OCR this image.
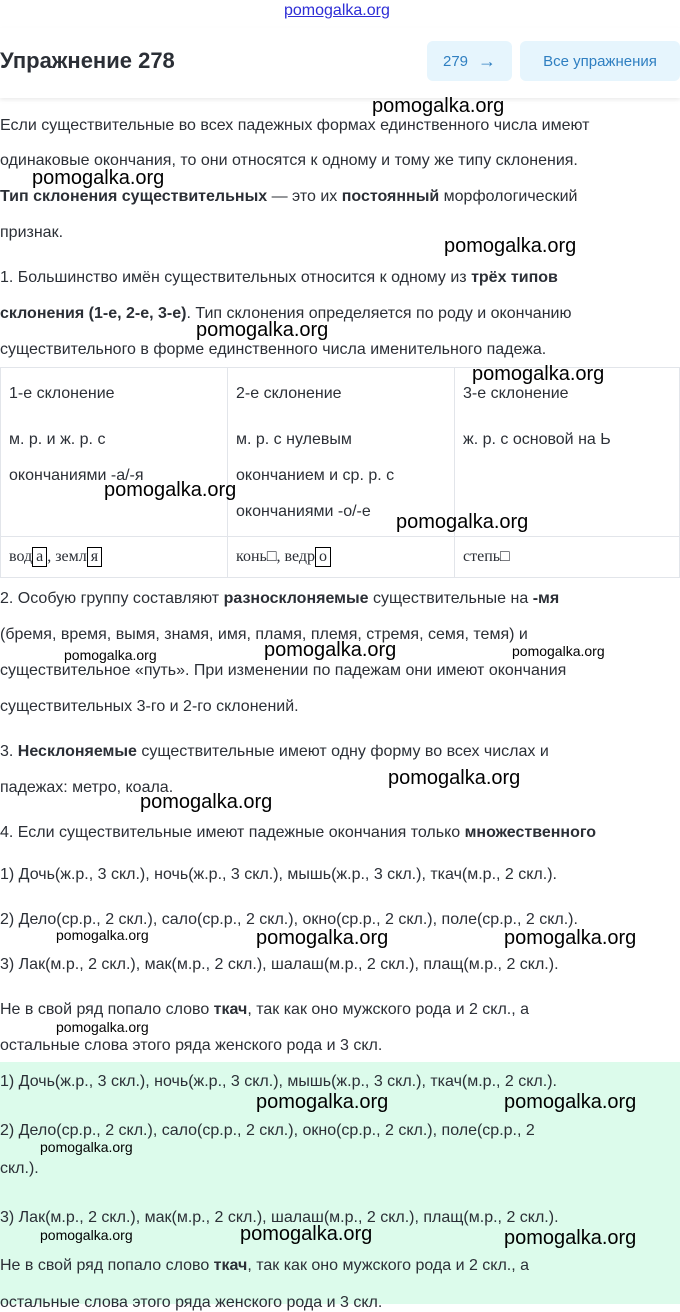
pomogalka.org
Упражнение 278	279 →	Все упражнения
Если существительные во всех падежных формах единственного числа имеют
одинаковые окончания, то они относятся к одному и тому же типу склонения.
Тип склонения существительных — это их постоянный морфологический
признак.
1. Большинство имён существительных относится к одному из трёх типов
склонения (1-е, 2-е, 3-е). Тип склонения определяется по роду и окончанию
существительного в форме единственного числа именительного падежа.
1-е склонение
м. р. и ж. р. с
окончаниями -а/-я	2-е склонение
м. р. с нулевым
окончанием и ср. р. с
окончаниями -о/-е	3-е склонение
ж. р. с основой на Ь

вод а , земл я	конь□, ведр о	степь□
2. Особую группу составляют разносклоняемые существительные на -мя
(бремя, время, вымя, знамя, имя, пламя, племя, стремя, семя, темя) и
существительное «путь». При изменении по падежам они имеют окончания
существительных 3-го и 2-го склонений.
3. Несклоняемые существительные имеют одну форму во всех числах и
падежах: метро, коала.
4. Если существительные имеют падежные окончания только множественного
1) Дочь(ж.р., 3 скл.), ночь(ж.р., 3 скл.), мышь(ж.р., 3 скл.), ткач(м.р., 2 скл.).
2) Дело(ср.р., 2 скл.), сало(ср.р., 2 скл.), окно(ср.р., 2 скл.), поле(ср.р., 2 скл.).
3) Лак(м.р., 2 скл.), мак(м.р., 2 скл.), шалаш(м.р., 2 скл.), плащ(м.р., 2 скл.).
Не в свой ряд попало слово ткач, так как оно мужского рода и 2 скл., а
остальные слова этого ряда женского рода и 3 скл.
1) Дочь(ж.р., 3 скл.), ночь(ж.р., 3 скл.), мышь(ж.р., 3 скл.), ткач(м.р., 2 скл.).
2) Дело(ср.р., 2 скл.), сало(ср.р., 2 скл.), окно(ср.р., 2 скл.), поле(ср.р., 2
скл.).
3) Лак(м.р., 2 скл.), мак(м.р., 2 скл.), шалаш(м.р., 2 скл.), плащ(м.р., 2 скл.).
Не в свой ряд попало слово ткач, так как оно мужского рода и 2 скл., а
остальные слова этого ряда женского рода и 3 скл.
pomogalka.org
pomogalka.org
pomogalka.org
pomogalka.org
pomogalka.org
pomogalka.org
pomogalka.org
pomogalka.org	pomogalka.org	pomogalka.org
pomogalka.org
pomogalka.org
pomogalka.org	pomogalka.org	pomogalka.org
pomogalka.org
pomogalka.org	pomogalka.org
pomogalka.org
pomogalka.org	pomogalka.org	pomogalka.org
